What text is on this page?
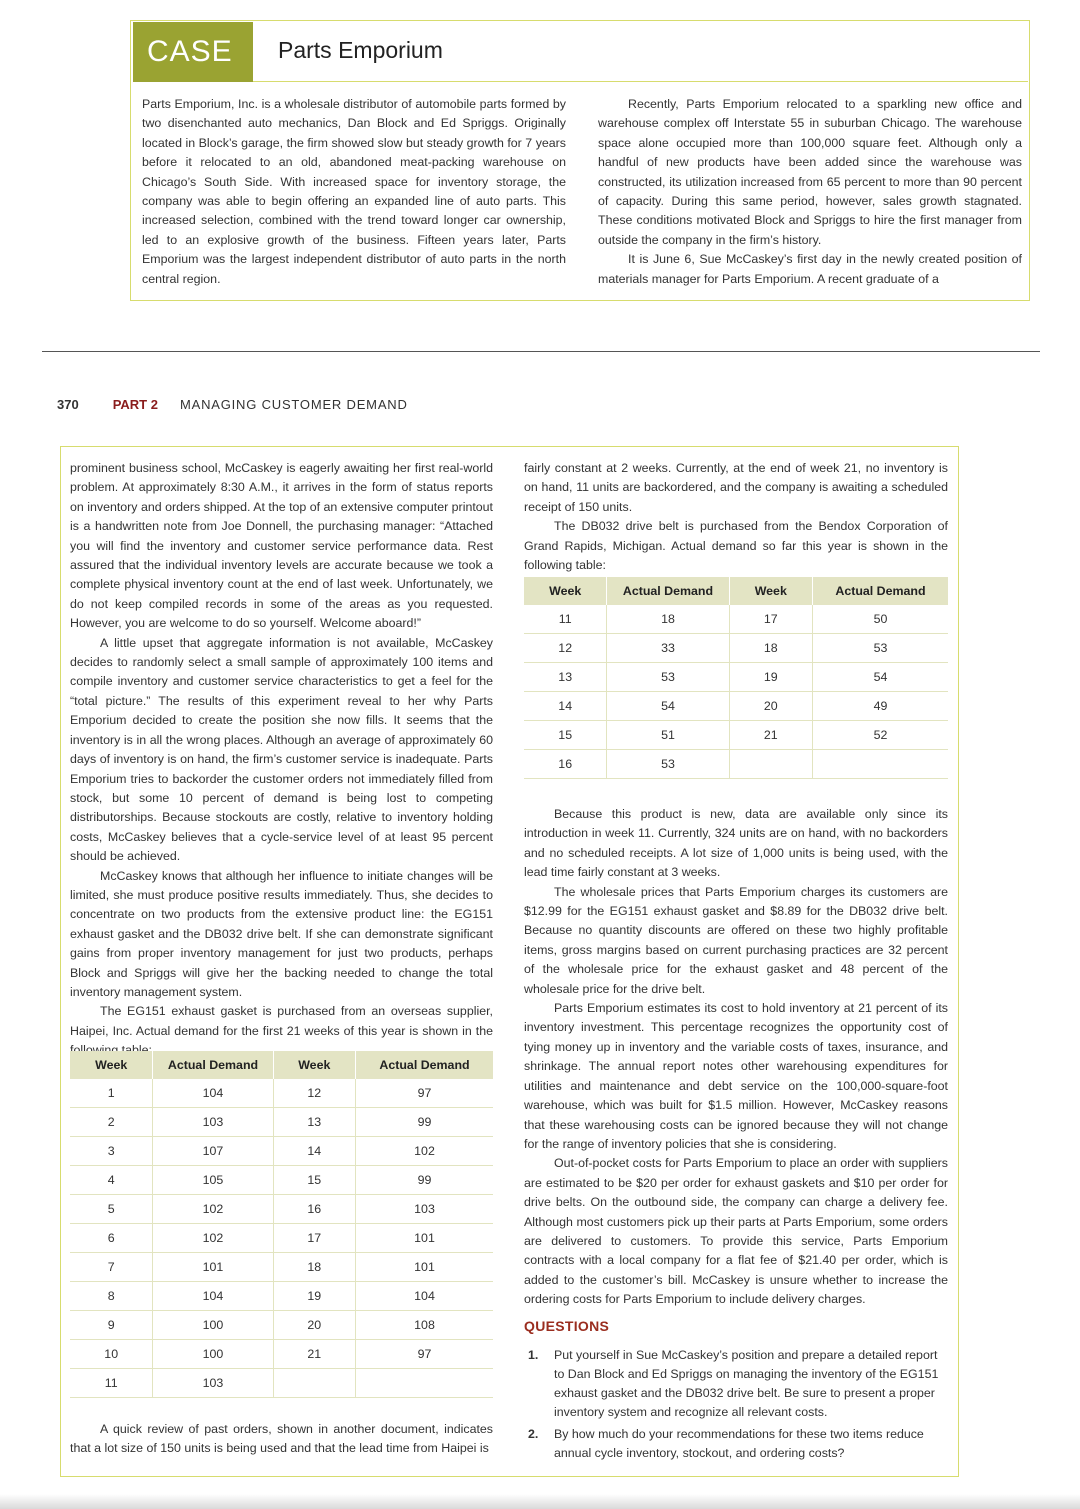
CASE	Parts Emporium

Parts Emporium, Inc. is a wholesale distributor of automobile parts formed by two disenchanted auto mechanics, Dan Block and Ed Spriggs. Originally located in Block’s garage, the firm showed slow but steady growth for 7 years before it relocated to an old, abandoned meat-packing warehouse on Chicago’s South Side. With increased space for inventory storage, the company was able to begin offering an expanded line of auto parts. This increased selection, combined with the trend toward longer car ownership, led to an explosive growth of the business. Fifteen years later, Parts Emporium was the largest independent distributor of auto parts in the north central region.

Recently, Parts Emporium relocated to a sparkling new office and warehouse complex off Interstate 55 in suburban Chicago. The warehouse space alone occupied more than 100,000 square feet. Although only a handful of new products have been added since the warehouse was constructed, its utilization increased from 65 percent to more than 90 percent of capacity. During this same period, however, sales growth stagnated. These conditions motivated Block and Spriggs to hire the first manager from outside the company in the firm’s history.

It is June 6, Sue McCaskey’s first day in the newly created position of materials manager for Parts Emporium. A recent graduate of a

370	PART 2 MANAGING CUSTOMER DEMAND

prominent business school, McCaskey is eagerly awaiting her first real-world problem. At approximately 8:30 A.M., it arrives in the form of status reports on inventory and orders shipped. At the top of an extensive computer printout is a handwritten note from Joe Donnell, the purchasing manager: “Attached you will find the inventory and customer service performance data. Rest assured that the individual inventory levels are accurate because we took a complete physical inventory count at the end of last week. Unfortunately, we do not keep compiled records in some of the areas as you requested. However, you are welcome to do so yourself. Welcome aboard!”

A little upset that aggregate information is not available, McCaskey decides to randomly select a small sample of approximately 100 items and compile inventory and customer service characteristics to get a feel for the “total picture.” The results of this experiment reveal to her why Parts Emporium decided to create the position she now fills. It seems that the inventory is in all the wrong places. Although an average of approximately 60 days of inventory is on hand, the firm’s customer service is inadequate. Parts Emporium tries to backorder the customer orders not immediately filled from stock, but some 10 percent of demand is being lost to competing distributorships. Because stockouts are costly, relative to inventory holding costs, McCaskey believes that a cycle-service level of at least 95 percent should be achieved.

McCaskey knows that although her influence to initiate changes will be limited, she must produce positive results immediately. Thus, she decides to concentrate on two products from the extensive product line: the EG151 exhaust gasket and the DB032 drive belt. If she can demonstrate significant gains from proper inventory management for just two products, perhaps Block and Spriggs will give her the backing needed to change the total inventory management system.

The EG151 exhaust gasket is purchased from an overseas supplier, Haipei, Inc. Actual demand for the first 21 weeks of this year is shown in the

Week	Actual Demand	Week	Actual Demand
1	104	12	97
2	103	13	99
3	107	14	102
4	105	15	99
5	102	16	103
6	102	17	101
7	101	18	101
8	104	19	104
9	100	20	108
10	100	21	97
11	103		

A quick review of past orders, shown in another document, indicates that a lot size of 150 units is being used and that the lead time from Haipei is

fairly constant at 2 weeks. Currently, at the end of week 21, no inventory is on hand, 11 units are backordered, and the company is awaiting a scheduled receipt of 150 units.

The DB032 drive belt is purchased from the Bendox Corporation of Grand Rapids, Michigan. Actual demand so far this year is shown in the following table:

Week	Actual Demand	Week	Actual Demand
11	18	17	50
12	33	18	53
13	53	19	54
14	54	20	49
15	51	21	52
16	53		

Because this product is new, data are available only since its introduction in week 11. Currently, 324 units are on hand, with no backorders and no scheduled receipts. A lot size of 1,000 units is being used, with the lead time fairly constant at 3 weeks.

The wholesale prices that Parts Emporium charges its customers are $12.99 for the EG151 exhaust gasket and $8.89 for the DB032 drive belt. Because no quantity discounts are offered on these two highly profitable items, gross margins based on current purchasing practices are 32 percent of the wholesale price for the exhaust gasket and 48 percent of the wholesale price for the drive belt.

Parts Emporium estimates its cost to hold inventory at 21 percent of its inventory investment. This percentage recognizes the opportunity cost of tying money up in inventory and the variable costs of taxes, insurance, and shrinkage. The annual report notes other warehousing expenditures for utilities and maintenance and debt service on the 100,000-square-foot warehouse, which was built for $1.5 million. However, McCaskey reasons that these warehousing costs can be ignored because they will not change for the range of inventory policies that she is considering.

Out-of-pocket costs for Parts Emporium to place an order with suppliers are estimated to be $20 per order for exhaust gaskets and $10 per order for drive belts. On the outbound side, the company can charge a delivery fee. Although most customers pick up their parts at Parts Emporium, some orders are delivered to customers. To provide this service, Parts Emporium contracts with a local company for a flat fee of $21.40 per order, which is added to the customer’s bill. McCaskey is unsure whether to increase the ordering costs for Parts Emporium to include delivery charges.

QUESTIONS
1.	Put yourself in Sue McCaskey’s position and prepare a detailed report to Dan Block and Ed Spriggs on managing the inventory of the EG151 exhaust gasket and the DB032 drive belt. Be sure to present a proper inventory system and recognize all relevant costs.
2.	By how much do your recommendations for these two items reduce annual cycle inventory, stockout, and ordering costs?
